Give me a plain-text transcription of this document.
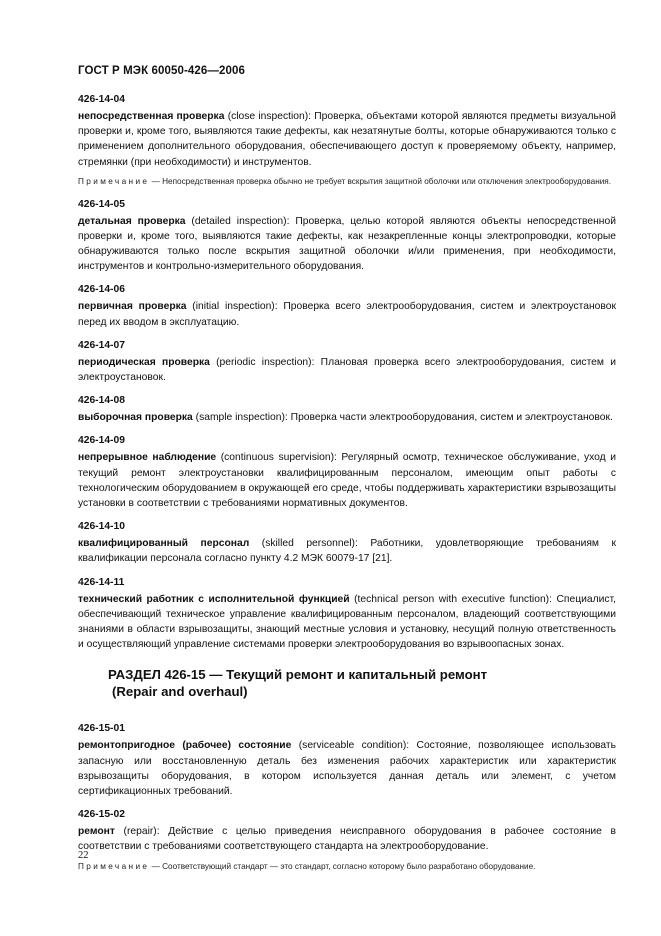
ГОСТ Р МЭК 60050-426—2006

426-14-04

непосредственная проверка (close inspection): Проверка, объектами которой являются предметы визуальной проверки и, кроме того, выявляются такие дефекты, как незатянутые болты, которые обнаруживаются только с применением дополнительного оборудования, обеспечивающего доступ к проверяемому объекту, например, стремянки (при необходимости) и инструментов.

Примечание — Непосредственная проверка обычно не требует вскрытия защитной оболочки или отключения электрооборудования.

426-14-05

детальная проверка (detailed inspection): Проверка, целью которой являются объекты непосредственной проверки и, кроме того, выявляются такие дефекты, как незакрепленные концы электропроводки, которые обнаруживаются только после вскрытия защитной оболочки и/или применения, при необходимости, инструментов и контрольно-измерительного оборудования.

426-14-06

первичная проверка (initial inspection): Проверка всего электрооборудования, систем и электроустановок перед их вводом в эксплуатацию.

426-14-07

периодическая проверка (periodic inspection): Плановая проверка всего электрооборудования, систем и электроустановок.

426-14-08

выборочная проверка (sample inspection): Проверка части электрооборудования, систем и электроустановок.

426-14-09

непрерывное наблюдение (continuous supervision): Регулярный осмотр, техническое обслуживание, уход и текущий ремонт электроустановки квалифицированным персоналом, имеющим опыт работы с технологическим оборудованием в окружающей его среде, чтобы поддерживать характеристики взрывозащиты установки в соответствии с требованиями нормативных документов.

426-14-10

квалифицированный персонал (skilled personnel): Работники, удовлетворяющие требованиям к квалификации персонала согласно пункту 4.2 МЭК 60079-17 [21].

426-14-11

технический работник с исполнительной функцией (technical person with executive function): Специалист, обеспечивающий техническое управление квалифицированным персоналом, владеющий соответствующими знаниями в области взрывозащиты, знающий местные условия и установку, несущий полную ответственность и осуществляющий управление системами проверки электрооборудования во взрывоопасных зонах.

РАЗДЕЛ 426-15 — Текущий ремонт и капитальный ремонт
(Repair and overhaul)

426-15-01

ремонтопригодное (рабочее) состояние (serviceable condition): Состояние, позволяющее использовать запасную или восстановленную деталь без изменения рабочих характеристик или характеристик взрывозащиты оборудования, в котором используется данная деталь или элемент, с учетом сертификационных требований.

426-15-02

ремонт (repair): Действие с целью приведения неисправного оборудования в рабочее состояние в соответствии с требованиями соответствующего стандарта на электрооборудование.

Примечание — Соответствующий стандарт — это стандарт, согласно которому было разработано оборудование.

22
